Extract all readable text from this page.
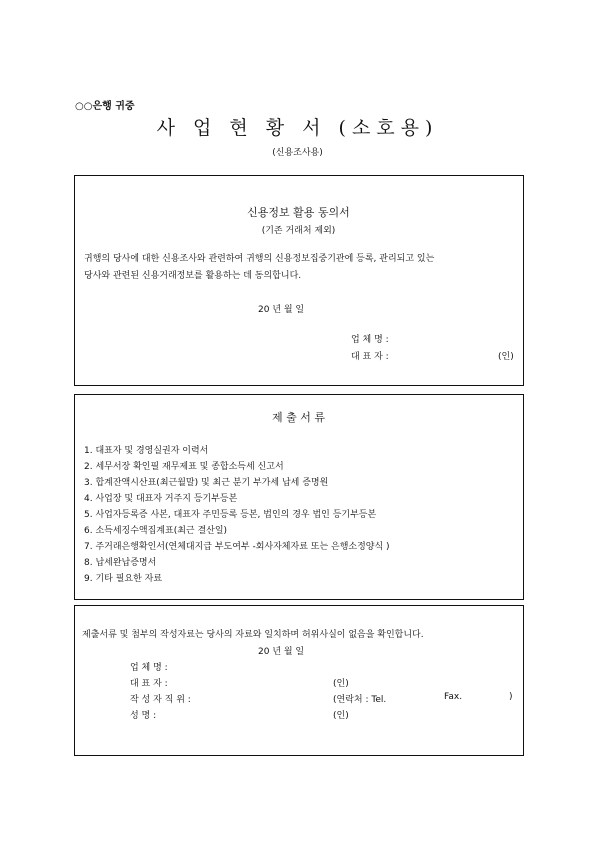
○○은행 귀중
사 업 현 황 서 (소호용)
(신용조사용)
신용정보 활용 동의서
(기존 거래처 제외)
귀행의 당사에 대한 신용조사와 관련하여 귀행의 신용정보집중기관에 등록, 관리되고 있는
당사와 관련된 신용거래정보를 활용하는 데 동의합니다.
20 년 월 일
업 체 명 :
대 표 자 :	(인)
제 출 서 류
1. 대표자 및 경영실권자 이력서
2. 세무서장 확인필 재무제표 및 종합소득세 신고서
3. 합계잔액시산표(최근월말) 및 최근 분기 부가세 납세 증명원
4. 사업장 및 대표자 거주지 등기부등본
5. 사업자등록증 사본, 대표자 주민등록 등본, 법인의 경우 법인 등기부등본
6. 소득세징수액집계표(최근 결산일)
7. 주거래은행확인서(연체대지급 부도여부 -회사자체자료 또는 은행소정양식 )
8. 납세완납증명서
9. 기타 필요한 자료
제출서류 및 첨부의 작성자료는 당사의 자료와 일치하며 허위사실이 없음을 확인합니다.
20 년 월 일
업 체 명 :
대 표 자 :	(인)
작 성 자 직 위 :	(연락처 : Tel.	Fax.	)
성 명 :	(인)
